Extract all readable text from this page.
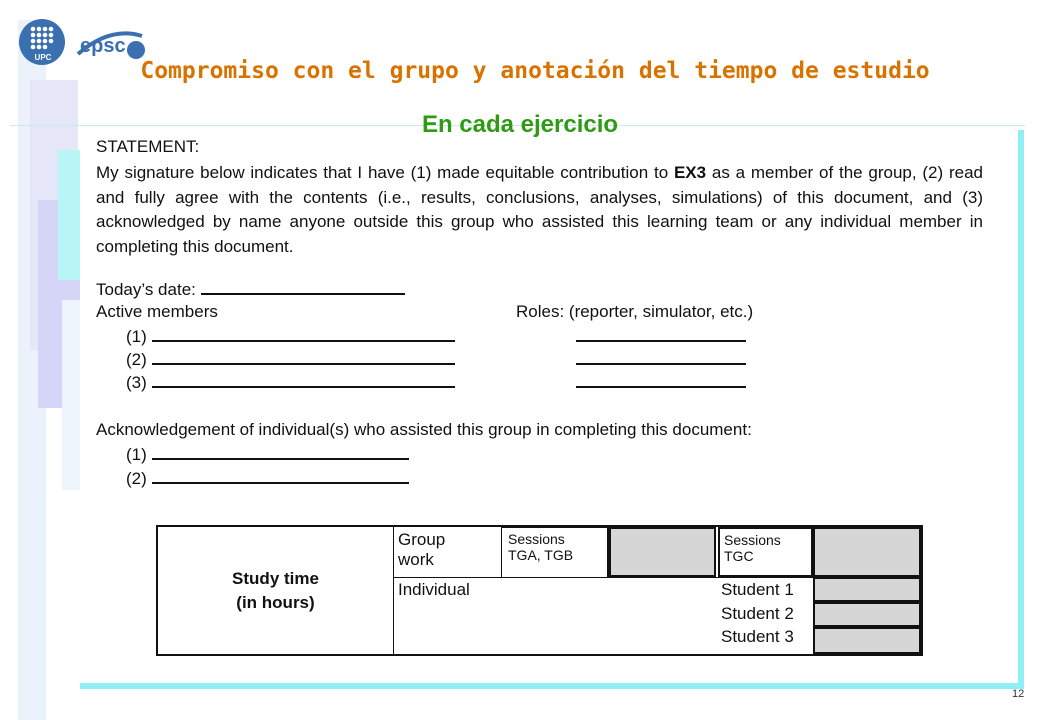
UPC
epsc
Compromiso con el grupo y anotación del tiempo de estudio
STATEMENT:
My signature below indicates that I have (1) made equitable contribution to EX3 as a member of the group, (2) read and fully agree with the contents (i.e., results, conclusions, analyses, simulations) of this document, and (3) acknowledged by name anyone outside this group who assisted this learning team or any individual member in completing this document.
Today’s date:
Active members	Roles: (reporter, simulator, etc.)
(1)
(2)
(3)
Acknowledgement of individual(s) who assisted this group in completing this document:
(1)
(2)
Study time
(in hours)
Group
work
Sessions
TGA, TGB
Sessions
TGC
Individual	Student 1
Student 2
Student 3
En cada ejercicio
12
